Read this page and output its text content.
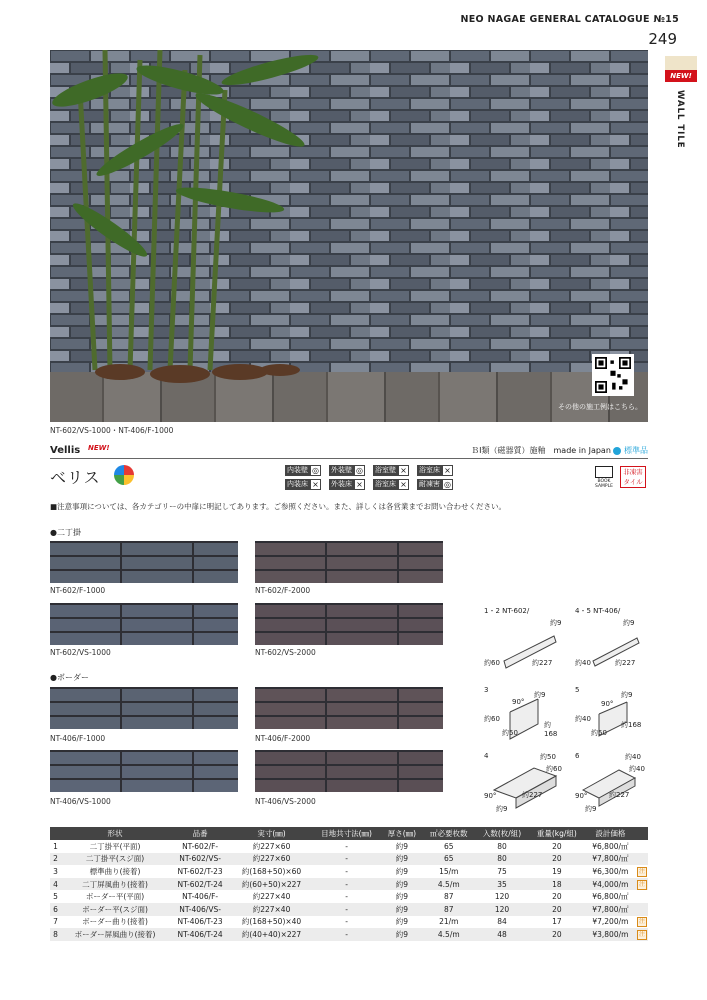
NEO NAGAE GENERAL CATALOGUE №15
249
NEW!
WALL TILE
その他の施工例はこちら。
NT-602/VS-1000・NT-406/F-1000
Vellis NEW!	ＢⅠ類（磁器質）施釉　made in Japan 標準品
ベリス	内装壁 ◎ 外装壁 ◎ 浴室壁 ×	浴室床 ×
内装床 ×	外装床 ×	浴室床 ×	耐凍害 ◎	BOOK SAMPLE
非凍害タイル
■注意事項については、各カテゴリーの中扉に明記してあります。ご参照ください。また、詳しくは各営業までお問い合わせください。
●二丁掛
●ボーダー
NT-602/F-1000	NT-602/F-2000
NT-602/VS-1000	NT-602/VS-2000
NT-406/F-1000	NT-406/F-2000
NT-406/VS-1000	NT-406/VS-2000
1・2 NT-602/
約9
約60	約227
4・5 NT-406/
約9
約40	約227
3
90°
約9
約60
約50
約168
5
90°
約9
約40
約50
約168
4	約50
約60
90°	約227
約9
6	約40
約40
90°	約227
約9
	形状	品番	実寸(㎜)	目地共寸法(㎜)	厚さ(㎜)	㎡必要枚数	入数(枚/組)	重量(kg/組)	設計価格	
1	二丁掛平(平面)	NT-602/F-	約227×60	-	約9	65	80	20	¥6,800/㎡	
2	二丁掛平(スジ面)	NT-602/VS-	約227×60	-	約9	65	80	20	¥7,800/㎡	
3	標準曲り(接着)	NT-602/T-23	約(168+50)×60	-	約9	15/m	75	19	¥6,300/m	注
4	二丁屏風曲り(接着)	NT-602/T-24	約(60+50)×227	-	約9	4.5/m	35	18	¥4,000/m	注
5	ボーダー平(平面)	NT-406/F-	約227×40	-	約9	87	120	20	¥6,800/㎡	
6	ボーダー平(スジ面)	NT-406/VS-	約227×40	-	約9	87	120	20	¥7,800/㎡	
7	ボーダー曲り(接着)	NT-406/T-23	約(168+50)×40	-	約9	21/m	84	17	¥7,200/m	注
8	ボーダー屏風曲り(接着)	NT-406/T-24	約(40+40)×227	-	約9	4.5/m	48	20	¥3,800/m	注
